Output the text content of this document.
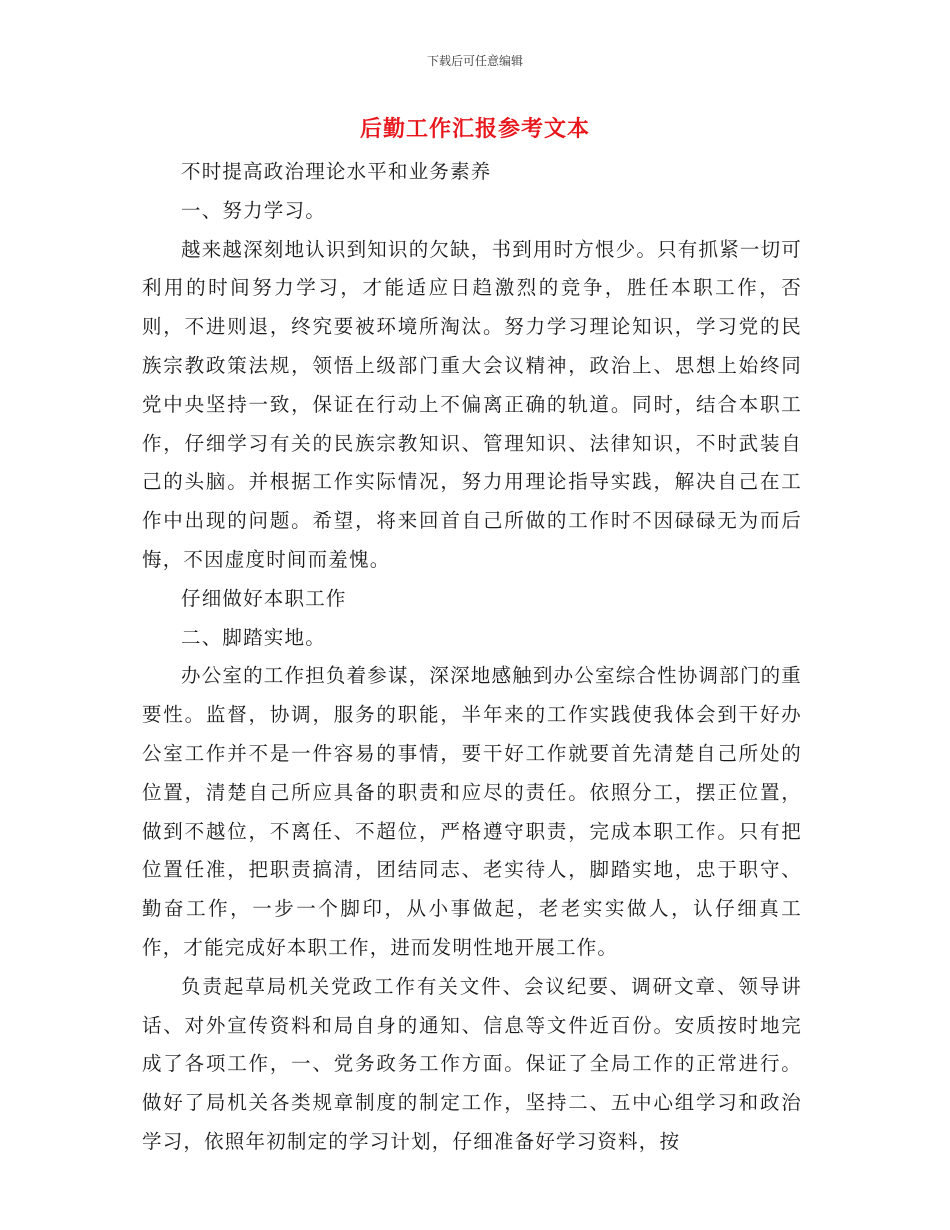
下载后可任意编辑
后勤工作汇报参考文本

不时提高政治理论水平和业务素养

一、努力学习。

越来越深刻地认识到知识的欠缺，书到用时方恨少。只有抓紧一切可利用的时间努力学习，才能适应日趋激烈的竞争，胜任本职工作，否则，不进则退，终究要被环境所淘汰。努力学习理论知识，学习党的民族宗教政策法规，领悟上级部门重大会议精神，政治上、思想上始终同党中央坚持一致，保证在行动上不偏离正确的轨道。同时，结合本职工作，仔细学习有关的民族宗教知识、管理知识、法律知识，不时武装自己的头脑。并根据工作实际情况，努力用理论指导实践，解决自己在工作中出现的问题。希望，将来回首自己所做的工作时不因碌碌无为而后悔，不因虚度时间而羞愧。

仔细做好本职工作

二、脚踏实地。

办公室的工作担负着参谋，深深地感触到办公室综合性协调部门的重要性。监督，协调，服务的职能，半年来的工作实践使我体会到干好办公室工作并不是一件容易的事情，要干好工作就要首先清楚自己所处的位置，清楚自己所应具备的职责和应尽的责任。依照分工，摆正位置，做到不越位，不离任、不超位，严格遵守职责，完成本职工作。只有把位置任准，把职责搞清，团结同志、老实待人，脚踏实地，忠于职守、勤奋工作，一步一个脚印，从小事做起，老老实实做人，认仔细真工作，才能完成好本职工作，进而发明性地开展工作。

负责起草局机关党政工作有关文件、会议纪要、调研文章、领导讲话、对外宣传资料和局自身的通知、信息等文件近百份。安质按时地完成了各项工作，一、党务政务工作方面。保证了全局工作的正常进行。做好了局机关各类规章制度的制定工作，坚持二、五中心组学习和政治学习，依照年初制定的学习计划，仔细准备好学习资料，按
